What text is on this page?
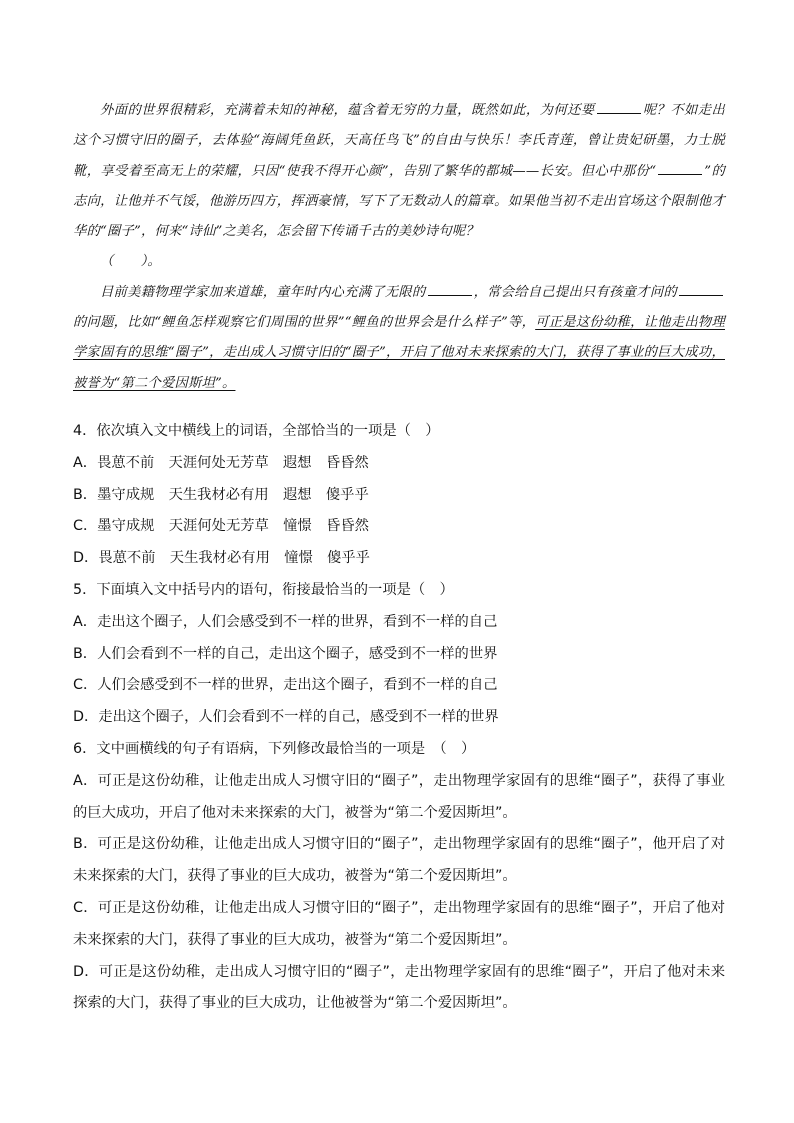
外面的世界很精彩，充满着未知的神秘，蕴含着无穷的力量，既然如此，为何还要	呢？不如走出这个习惯守旧的圈子，去体验“海阔凭鱼跃，天高任鸟飞”的自由与快乐！李氏青莲，曾让贵妃研墨，力士脱靴，享受着至高无上的荣耀，只因“使我不得开心颜”，告别了繁华的都城——长安。但心中那份“	”的志向，让他并不气馁，他游历四方，挥洒豪情，写下了无数动人的篇章。如果他当初不走出官场这个限制他才华的“圈子”，何来“诗仙”之美名，怎会留下传诵千古的美妙诗句呢？

（　　）。

目前美籍物理学家加来道雄，童年时内心充满了无限的	，常会给自己提出只有孩童才问的的问题，比如“鲤鱼怎样观察它们周围的世界”“鲤鱼的世界会是什么样子”等，可正是这份幼稚，让他走出物理学家固有的思维“圈子”，走出成人习惯守旧的“圈子”，开启了他对未来探索的大门，获得了事业的巨大成功，被誉为“第二个爱因斯坦”。

4．依次填入文中横线上的词语，全部恰当的一项是（　）

A．畏葸不前　天涯何处无芳草　遐想　昏昏然

B．墨守成规　天生我材必有用　遐想　傻乎乎

C．墨守成规　天涯何处无芳草　憧憬　昏昏然

D．畏葸不前　天生我材必有用　憧憬　傻乎乎

5．下面填入文中括号内的语句，衔接最恰当的一项是（　）

A．走出这个圈子，人们会感受到不一样的世界，看到不一样的自己

B．人们会看到不一样的自己，走出这个圈子，感受到不一样的世界

C．人们会感受到不一样的世界，走出这个圈子，看到不一样的自己

D．走出这个圈子，人们会看到不一样的自己，感受到不一样的世界

6．文中画横线的句子有语病，下列修改最恰当的一项是　（　）

A．可正是这份幼稚，让他走出成人习惯守旧的“圈子”，走出物理学家固有的思维“圈子”，获得了事业的巨大成功，开启了他对未来探索的大门，被誉为“第二个爱因斯坦”。

B．可正是这份幼稚，让他走出成人习惯守旧的“圈子”，走出物理学家固有的思维“圈子”，他开启了对未来探索的大门，获得了事业的巨大成功，被誉为“第二个爱因斯坦”。

C．可正是这份幼稚，让他走出成人习惯守旧的“圈子”，走出物理学家固有的思维“圈子”，开启了他对未来探索的大门，获得了事业的巨大成功，被誉为“第二个爱因斯坦”。

D．可正是这份幼稚，走出成人习惯守旧的“圈子”，走出物理学家固有的思维“圈子”，开启了他对未来探索的大门，获得了事业的巨大成功，让他被誉为“第二个爱因斯坦”。
